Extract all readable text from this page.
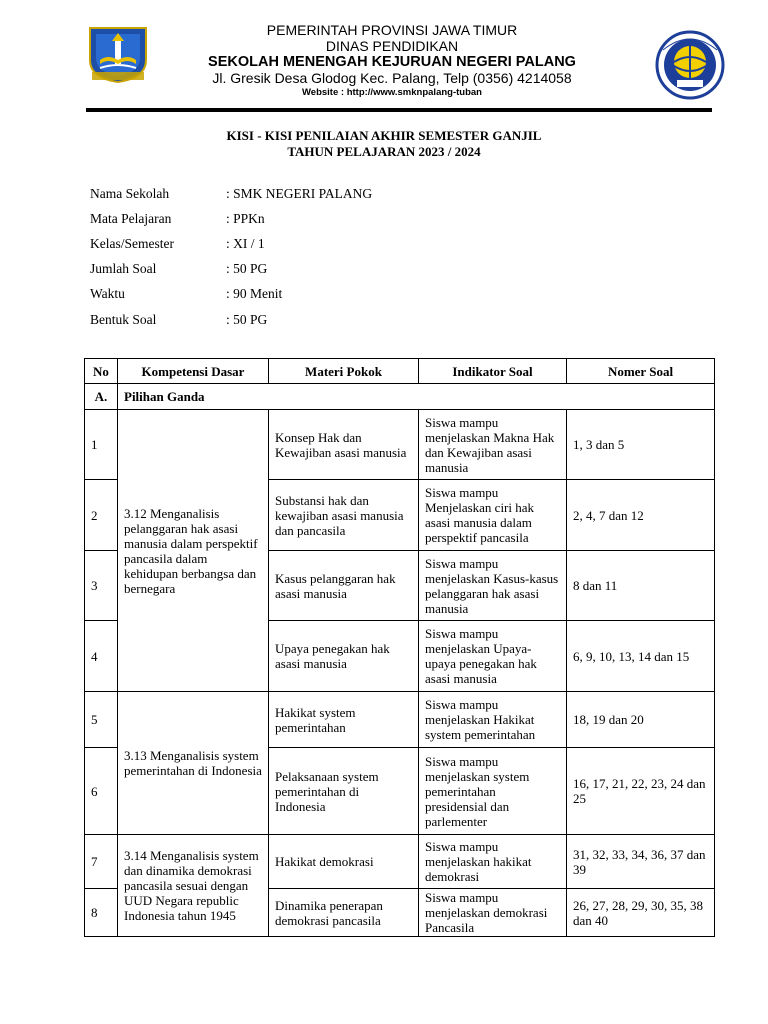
PEMERINTAH PROVINSI JAWA TIMUR
DINAS PENDIDIKAN
SEKOLAH MENENGAH KEJURUAN NEGERI PALANG
Jl. Gresik Desa Glodog Kec. Palang, Telp (0356) 4214058
Website : http://www.smknpalang-tuban
KISI - KISI PENILAIAN AKHIR SEMESTER GANJIL
TAHUN PELAJARAN 2023 / 2024
Nama Sekolah	: SMK NEGERI PALANG
Mata Pelajaran	: PPKn
Kelas/Semester	: XI / 1
Jumlah Soal	: 50 PG
Waktu	: 90 Menit
Bentuk Soal	: 50 PG
No	Kompetensi Dasar	Materi Pokok	Indikator Soal	Nomer Soal
A.	Pilihan Ganda			
1	3.12 Menganalisis pelanggaran hak asasi manusia dalam perspektif pancasila dalam kehidupan berbangsa dan bernegara	Konsep Hak dan Kewajiban asasi manusia	Siswa mampu menjelaskan Makna Hak dan Kewajiban asasi manusia	1, 3 dan 5
2		Substansi hak dan kewajiban asasi manusia dan pancasila	Siswa mampu Menjelaskan ciri hak asasi manusia dalam perspektif pancasila	2, 4, 7 dan 12
3		Kasus pelanggaran hak asasi manusia	Siswa mampu menjelaskan Kasus-kasus pelanggaran hak asasi manusia	8 dan 11
4		Upaya penegakan hak asasi manusia	Siswa mampu menjelaskan Upaya-upaya penegakan hak asasi manusia	6, 9, 10, 13, 14 dan 15
5	3.13 Menganalisis system pemerintahan di Indonesia	Hakikat system pemerintahan	Siswa mampu menjelaskan Hakikat system pemerintahan	18, 19 dan 20
6		Pelaksanaan system pemerintahan di Indonesia	Siswa mampu menjelaskan system pemerintahan presidensial dan parlementer	16, 17, 21, 22, 23, 24 dan 25
7	3.14 Menganalisis system dan dinamika demokrasi pancasila sesuai dengan UUD Negara republic Indonesia tahun 1945	Hakikat demokrasi	Siswa mampu menjelaskan hakikat demokrasi	31, 32, 33, 34, 36, 37 dan 39
8		Dinamika penerapan demokrasi pancasila	Siswa mampu menjelaskan demokrasi Pancasila	26, 27, 28, 29, 30, 35, 38 dan 40
